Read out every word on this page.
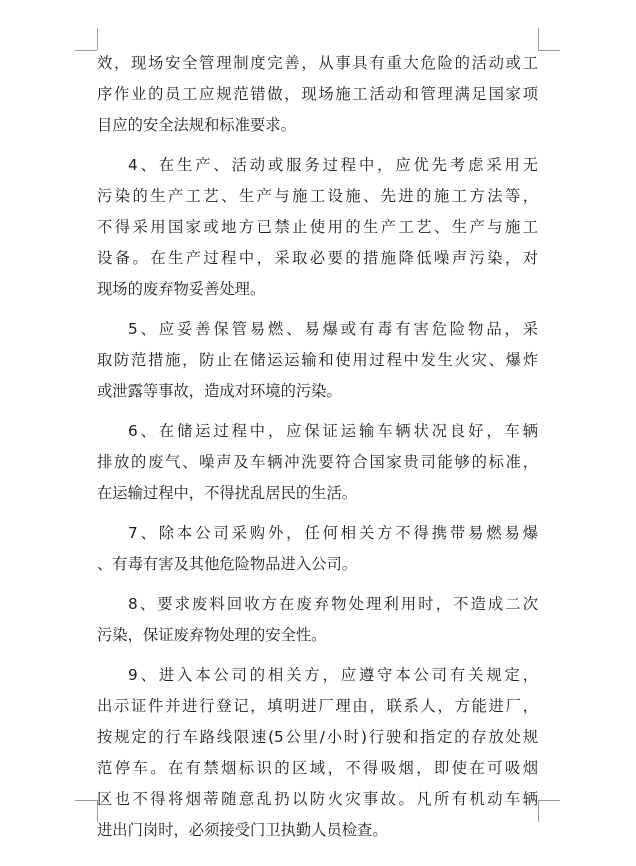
效，现场安全管理制度完善，从事具有重大危险的活动或工
序作业的员工应规范错做，现场施工活动和管理满足国家项
目应的安全法规和标准要求。
4、在生产、活动或服务过程中，应优先考虑采用无
污染的生产工艺、生产与施工设施、先进的施工方法等，
不得采用国家或地方已禁止使用的生产工艺、生产与施工
设备。在生产过程中，采取必要的措施降低噪声污染，对
现场的废弃物妥善处理。
5、应妥善保管易燃、易爆或有毒有害危险物品，采
取防范措施，防止在储运运输和使用过程中发生火灾、爆炸
或泄露等事故，造成对环境的污染。
6、在储运过程中，应保证运输车辆状况良好，车辆
排放的废气、噪声及车辆冲洗要符合国家贵司能够的标准，
在运输过程中，不得扰乱居民的生活。
7、除本公司采购外，任何相关方不得携带易燃易爆
、有毒有害及其他危险物品进入公司。
8、要求废料回收方在废弃物处理利用时，不造成二次
污染，保证废弃物处理的安全性。
9、进入本公司的相关方，应遵守本公司有关规定，
出示证件并进行登记，填明进厂理由，联系人，方能进厂，
按规定的行车路线限速(5公里/小时)行驶和指定的存放处规
范停车。在有禁烟标识的区域，不得吸烟，即使在可吸烟
区也不得将烟蒂随意乱扔以防火灾事故。凡所有机动车辆
进出门岗时，必须接受门卫执勤人员检查。
